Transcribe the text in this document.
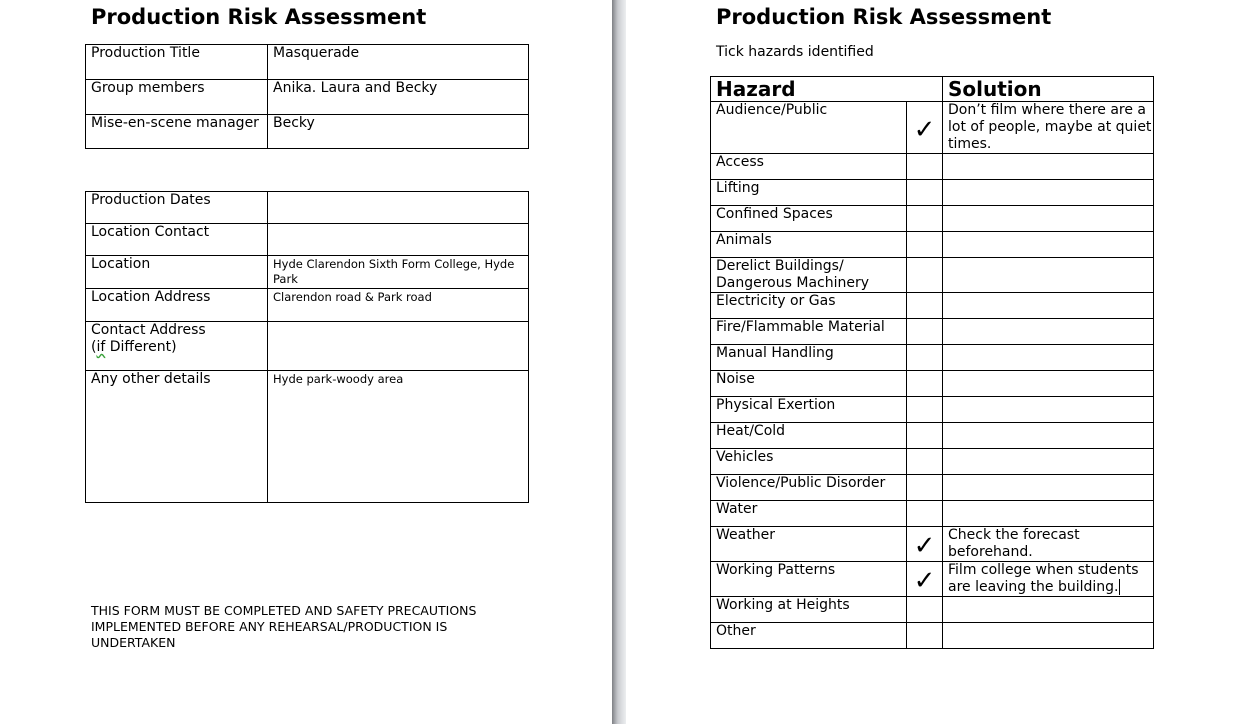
Production Risk Assessment
Production Title	Masquerade
Group members	Anika. Laura and Becky
Mise-en-scene manager	Becky
Production Dates	
Location Contact	
Location	Hyde Clarendon Sixth Form College, Hyde Park
Location Address	Clarendon road & Park road

Contact Address
(if Different)	

Any other details	Hyde park-woody area

THIS FORM MUST BE COMPLETED AND SAFETY PRECAUTIONS
IMPLEMENTED BEFORE ANY REHEARSAL/PRODUCTION IS
UNDERTAKEN

Production Risk Assessment

Tick hazards identified

Hazard		Solution
Audience/Public	✓	Don’t film where there are a lot of people, maybe at quiet times.
Access		
Lifting		
Confined Spaces		
Animals		
Derelict Buildings/ Dangerous Machinery		
Electricity or Gas		
Fire/Flammable Material		
Manual Handling		
Noise		
Physical Exertion		
Heat/Cold		
Vehicles		
Violence/Public Disorder		
Water		
Weather	✓	Check the forecast beforehand.
Working Patterns	✓	Film college when students are leaving the building.
Working at Heights		
Other		
